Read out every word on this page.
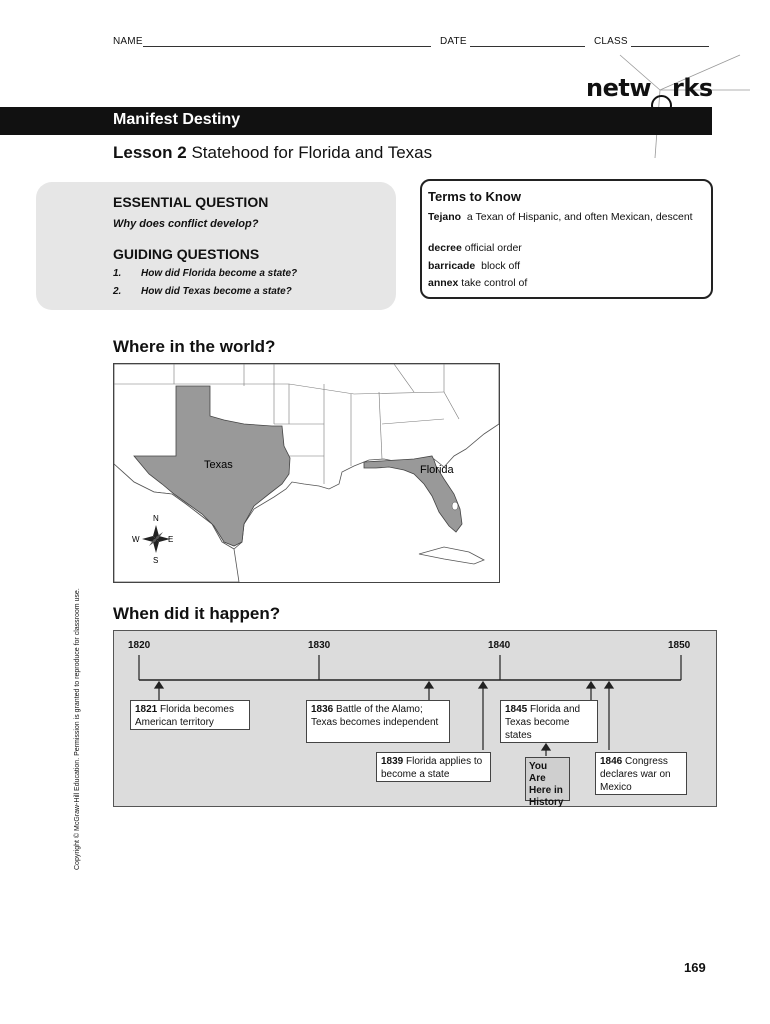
NAME	DATE	CLASS
netw rks
Manifest Destiny
Lesson 2 Statehood for Florida and Texas
ESSENTIAL QUESTION
Why does conflict develop?
GUIDING QUESTIONS
1. How did Florida become a state?
2. How did Texas become a state?
Terms to Know
Tejano a Texan of Hispanic, and often Mexican, descent
decree official order
barricade block off
annex take control of
Where in the world?
Texas	Florida
N
S
E
W
Copyright © McGraw-Hill Education. Permission is granted to reproduce for classroom use. When did it happen?
1820	1830	1840	1850
1821 Florida becomes American territory
1836 Battle of the Alamo; Texas becomes independent
1839 Florida applies to become a state
1845 Florida and Texas become states
You Are Here in History
1846 Congress declares war on Mexico
169
